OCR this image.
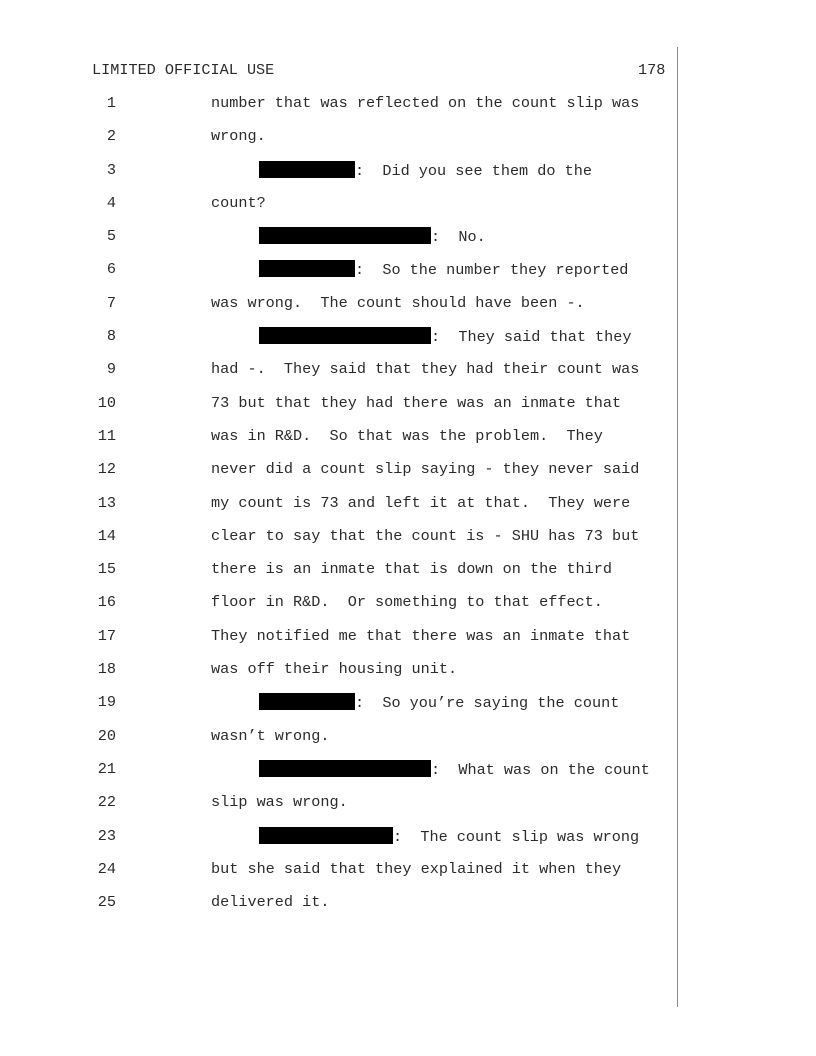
LIMITED OFFICIAL USE	178

1

	number that was reflected on the count slip was

2

	wrong.

3

	:  Did you see them do the

4

	count?

5

	:  No.

6

	:  So the number they reported

7

	was wrong.  The count should have been -.

8

	:  They said that they

9

	had -.  They said that they had their count was

10

	73 but that they had there was an inmate that

11

	was in R&D.  So that was the problem.  They

12

	never did a count slip saying - they never said

13

	my count is 73 and left it at that.  They were

14

	clear to say that the count is - SHU has 73 but

15

	there is an inmate that is down on the third

16

	floor in R&D.  Or something to that effect.

17

	They notified me that there was an inmate that

18

	was off their housing unit.

19

	:  So you’re saying the count

20

	wasn’t wrong.

21

	:  What was on the count

22

	slip was wrong.

23

	:  The count slip was wrong

24

	but she said that they explained it when they

25

	delivered it.
